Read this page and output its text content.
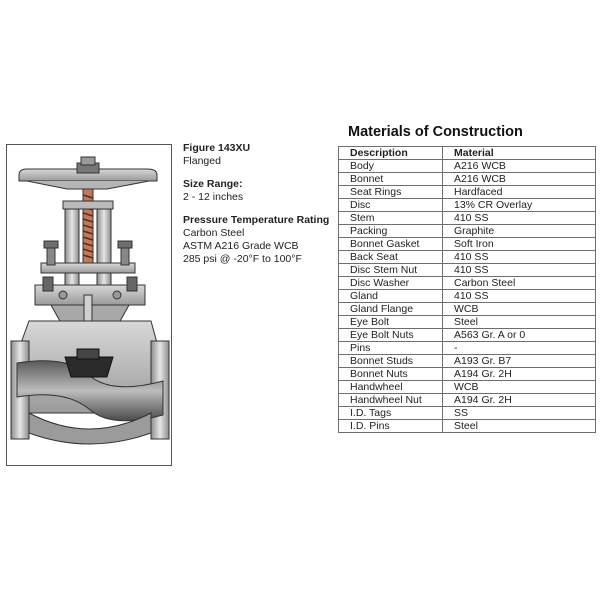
Figure 143XU
Flanged
Size Range:
2 - 12 inches
Pressure Temperature Rating
Carbon Steel
ASTM A216 Grade WCB
285 psi @ -20°F to 100°F
Materials of Construction
Description	Material
Body	A216 WCB
Bonnet	A216 WCB
Seat Rings	Hardfaced
Disc	13% CR Overlay
Stem	410 SS
Packing	Graphite
Bonnet Gasket	Soft Iron
Back Seat	410 SS
Disc Stem Nut	410 SS
Disc Washer	Carbon Steel
Gland	410 SS
Gland Flange	WCB
Eye Bolt	Steel
Eye Bolt Nuts	A563 Gr. A or 0
Pins	-
Bonnet Studs	A193 Gr. B7
Bonnet Nuts	A194 Gr. 2H
Handwheel	WCB
Handwheel Nut	A194 Gr. 2H
I.D. Tags	SS
I.D. Pins	Steel
